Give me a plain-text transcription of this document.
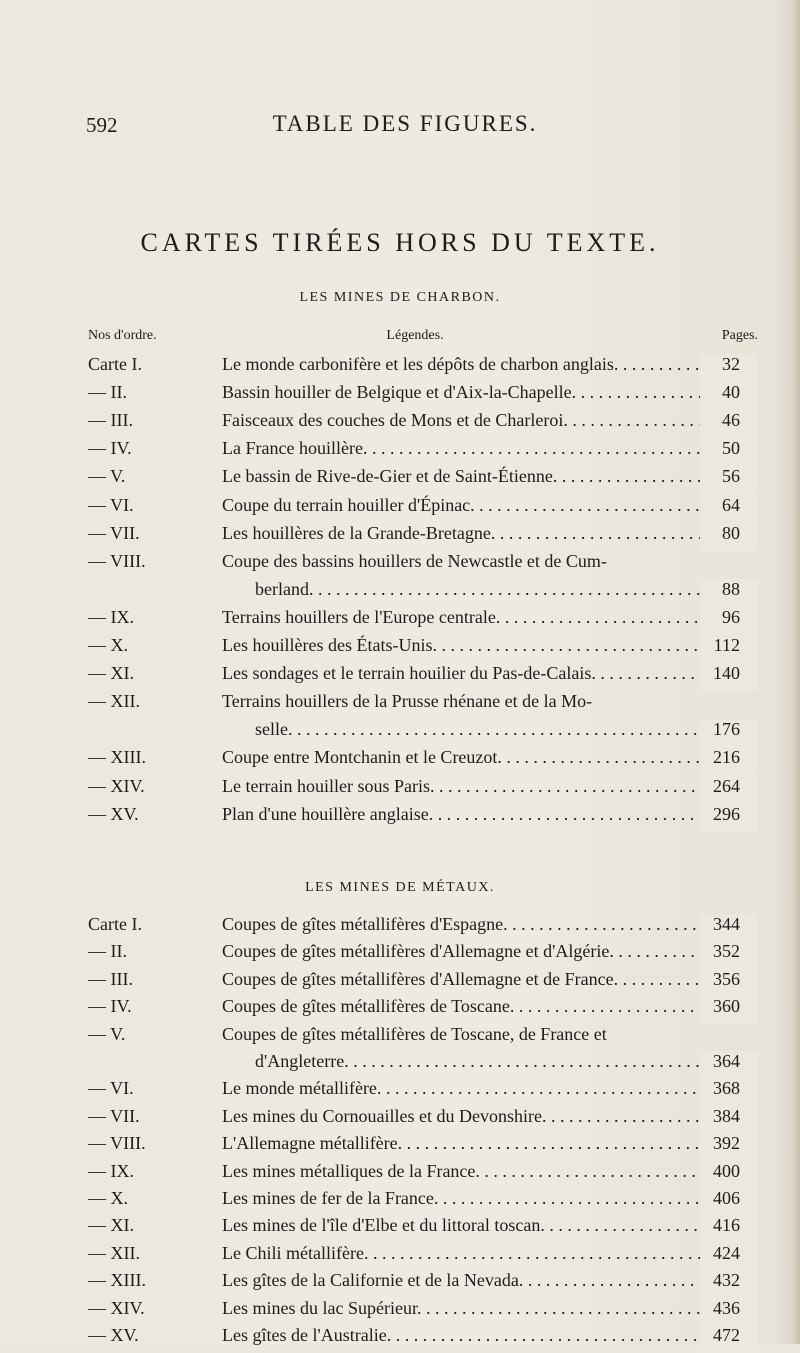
592	TABLE DES FIGURES.
CARTES TIRÉES HORS DU TEXTE.
LES MINES DE CHARBON.
Nos d'ordre.	Légendes.	Pages.
Carte I.	Le monde carbonifère et les dépôts de charbon anglais. . . .	32
— II.	Bassin houiller de Belgique et d'Aix-la-Chapelle. . . .	40
— III.	Faisceaux des couches de Mons et de Charleroi. . . .	46
— IV.	La France houillère. . . .	50
— V.	Le bassin de Rive-de-Gier et de Saint-Étienne. . . .	56
— VI.	Coupe du terrain houiller d'Épinac. . . .	64
— VII.	Les houillères de la Grande-Bretagne. . . .	80
— VIII.	Coupe des bassins houillers de Newcastle et de Cum-
berland. . . .	88
— IX.	Terrains houillers de l'Europe centrale. . . .	96
— X.	Les houillères des États-Unis. . . .	112
— XI.	Les sondages et le terrain houilier du Pas-de-Calais. . . .	140
— XII.	Terrains houillers de la Prusse rhénane et de la Mo-
selle. . . .	176
— XIII.	Coupe entre Montchanin et le Creuzot. . . .	216
— XIV.	Le terrain houiller sous Paris. . . .	264
— XV.	Plan d'une houillère anglaise. . . .	296
LES MINES DE MÉTAUX.
Carte I.	Coupes de gîtes métallifères d'Espagne. . . .	344
— II.	Coupes de gîtes métallifères d'Allemagne et d'Algérie. . . .	352
— III.	Coupes de gîtes métallifères d'Allemagne et de France. . . .	356
— IV.	Coupes de gîtes métallifères de Toscane. . . .	360
— V.	Coupes de gîtes métallifères de Toscane, de France et
d'Angleterre. . . .	364
— VI.	Le monde métallifère. . . .	368
— VII.	Les mines du Cornouailles et du Devonshire. . . .	384
— VIII.	L'Allemagne métallifère. . . .	392
— IX.	Les mines métalliques de la France. . . .	400
— X.	Les mines de fer de la France. . . .	406
— XI.	Les mines de l'île d'Elbe et du littoral toscan. . . .	416
— XII.	Le Chili métallifère. . . .	424
— XIII.	Les gîtes de la Californie et de la Nevada. . . .	432
— XIV.	Les mines du lac Supérieur. . . .	436
— XV.	Les gîtes de l'Australie. . . .	472
